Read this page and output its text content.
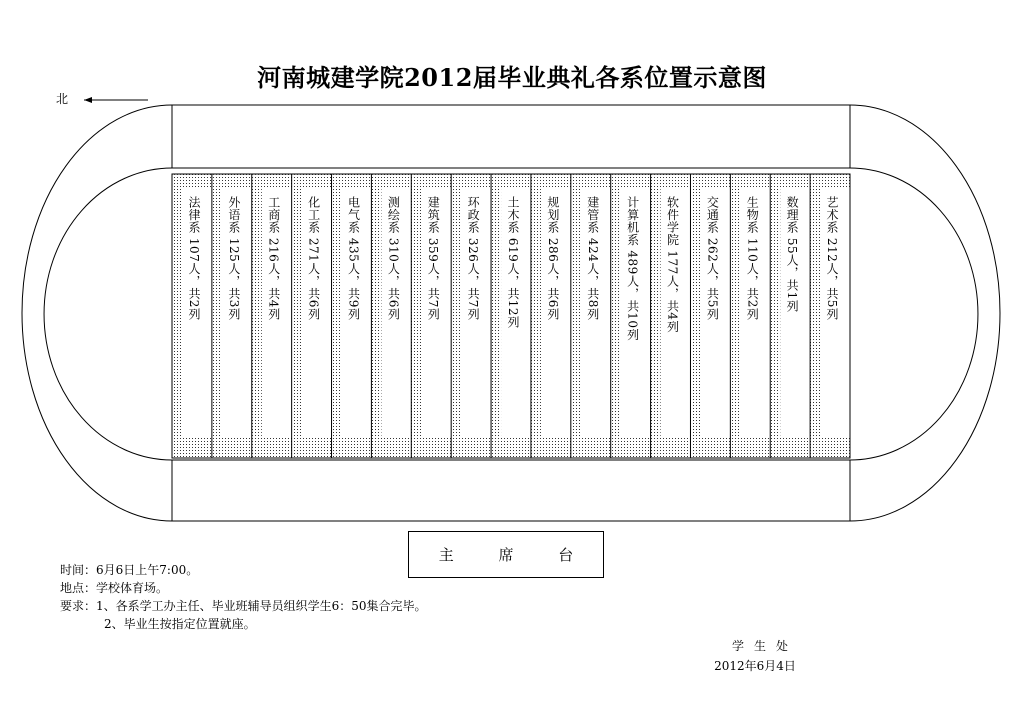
河南城建学院2012届毕业典礼各系位置示意图
北
法律系 107人，共2列 外语系 125人，共3列 工商系 216人，共4列 化工系 271人，共6列 电气系 435人，共9列 测绘系 310人，共6列 建筑系 359人，共7列 环政系 326人，共7列 土木系 619人，共12列 规划系 286人，共6列 建管系 424人，共8列 计算机系 489人，共10列 软件学院 177人，共4列 交通系 262人，共5列 生物系 110人，共2列 数理系 55人，共1列 艺术系 212人，共5列
主 席 台
时间：6月6日上午7:00。
地点：学校体育场。
要求：1、各系学工办主任、毕业班辅导员组织学生6：50集合完毕。
2、毕业生按指定位置就座。
学生处
2012年6月4日
